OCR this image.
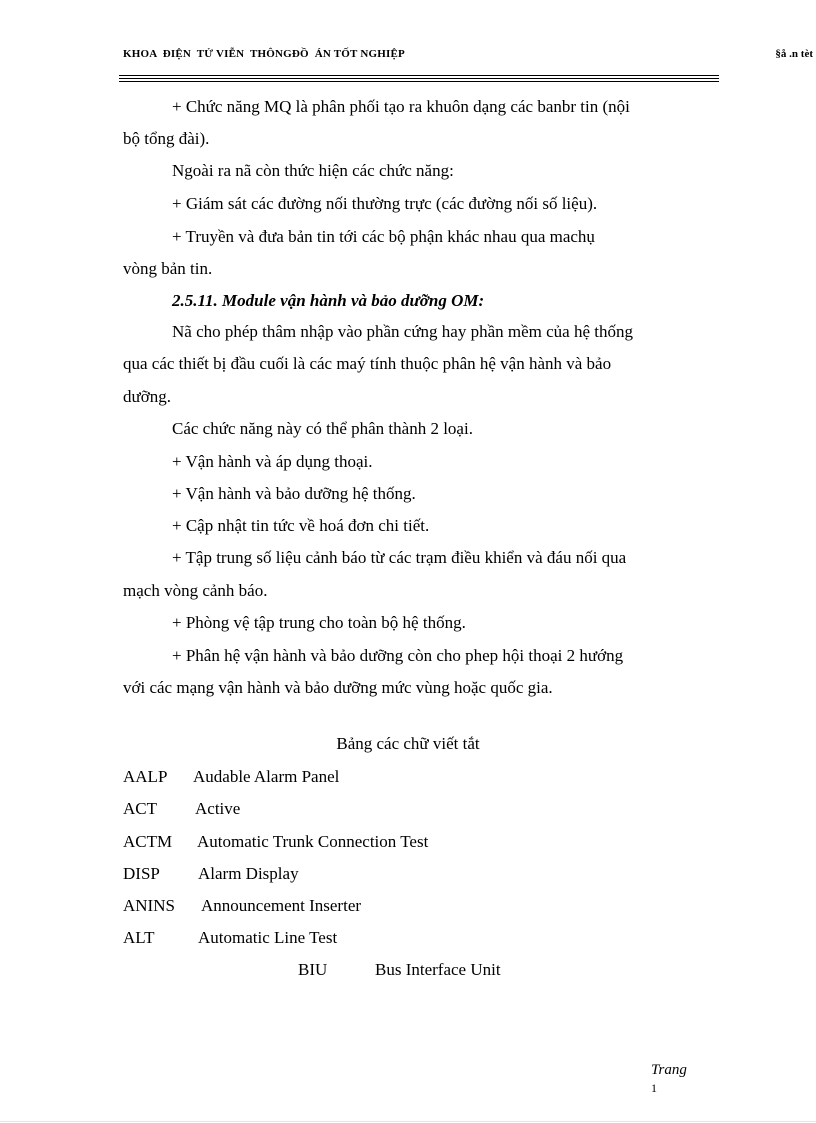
KHOA  ĐIỆN  TỬ VIỄN  THÔNGĐỒ  ÁN TỐT NGHIỆP	§å .n tèt

+ Chức năng MQ là phân phối tạo ra khuôn dạng các banbr tin (nội

bộ tổng đài).

Ngoài ra nã còn thức hiện các chức năng:

+ Giám sát các đường nối thường trực (các đường nối số liệu).

+ Truyền và đưa bản tin tới các bộ phận khác nhau qua machụ

vòng bản tin.

2.5.11. Module vận hành và bảo dưỡng OM:

Nã cho phép thâm nhập vào phần cứng hay phần mềm của hệ thống

qua các thiết bị đầu cuối là các maý tính thuộc phân hệ vận hành và bảo

dưỡng.

Các chức năng này có thể phân thành 2 loại.

+ Vận hành và áp dụng thoại.

+ Vận hành và bảo dưỡng hệ thống.

+ Cập nhật tin tức về hoá đơn chi tiết.

+ Tập trung số liệu cảnh báo từ các trạm điều khiển và đáu nối qua

mạch vòng cảnh báo.

+ Phòng vệ tập trung cho toàn bộ hệ thống.

+ Phân hệ vận hành và bảo dưỡng còn cho phep hội thoại 2 hướng

với các mạng vận hành và bảo dưỡng mức vùng hoặc quốc gia.

Bảng các chữ viết tắt
AALP Audable Alarm Panel
ACT Active
ACTM Automatic Trunk Connection Test
DISP Alarm Display
ANINS Announcement Inserter
ALT	Automatic Line Test
BIU	Bus Interface Unit
Trang
1
